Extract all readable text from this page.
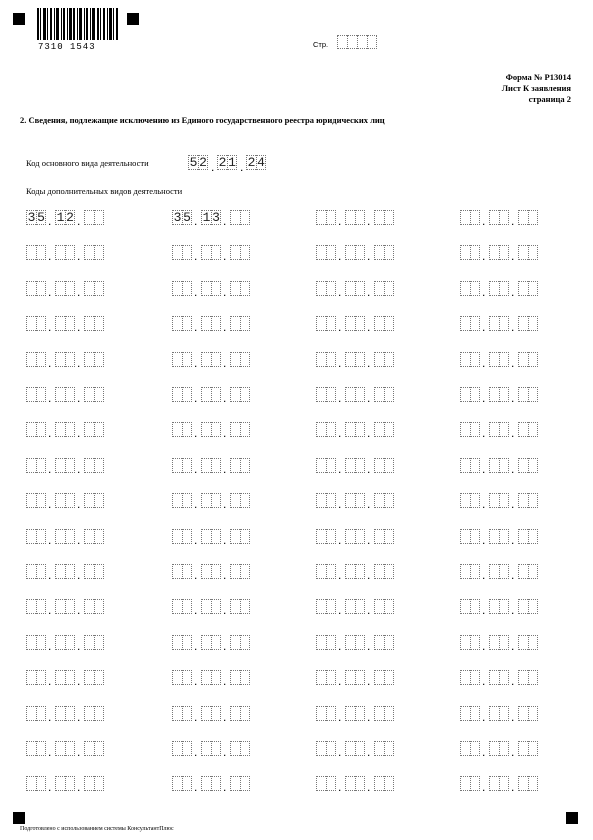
7310 1543	Стр.
Форма № Р13014
Лист К заявления
страница 2
2. Сведения, подлежащие исключению из Единого государственного реестра юридических лиц
Код основного вида деятельности	5 2 . 2 1 . 2 4
Коды дополнительных видов деятельности
3 5 . 1 2 .	3 5 . 1 3 .	. .	. .
. .	. .	. .	. .
. .	. .	. .	. .
. .	. .	. .	. .
. .	. .	. .	. .
. .	. .	. .	. .
. .	. .	. .	. .
. .	. .	. .	. .
. .	. .	. .	. .
. .	. .	. .	. .
. .	. .	. .	. .
. .	. .	. .	. .
. .	. .	. .	. .
. .	. .	. .	. .
. .	. .	. .	. .
. .	. .	. .	. .
. .	. .	. .	. .
Подготовлено с использованием системы КонсультантПлюс
